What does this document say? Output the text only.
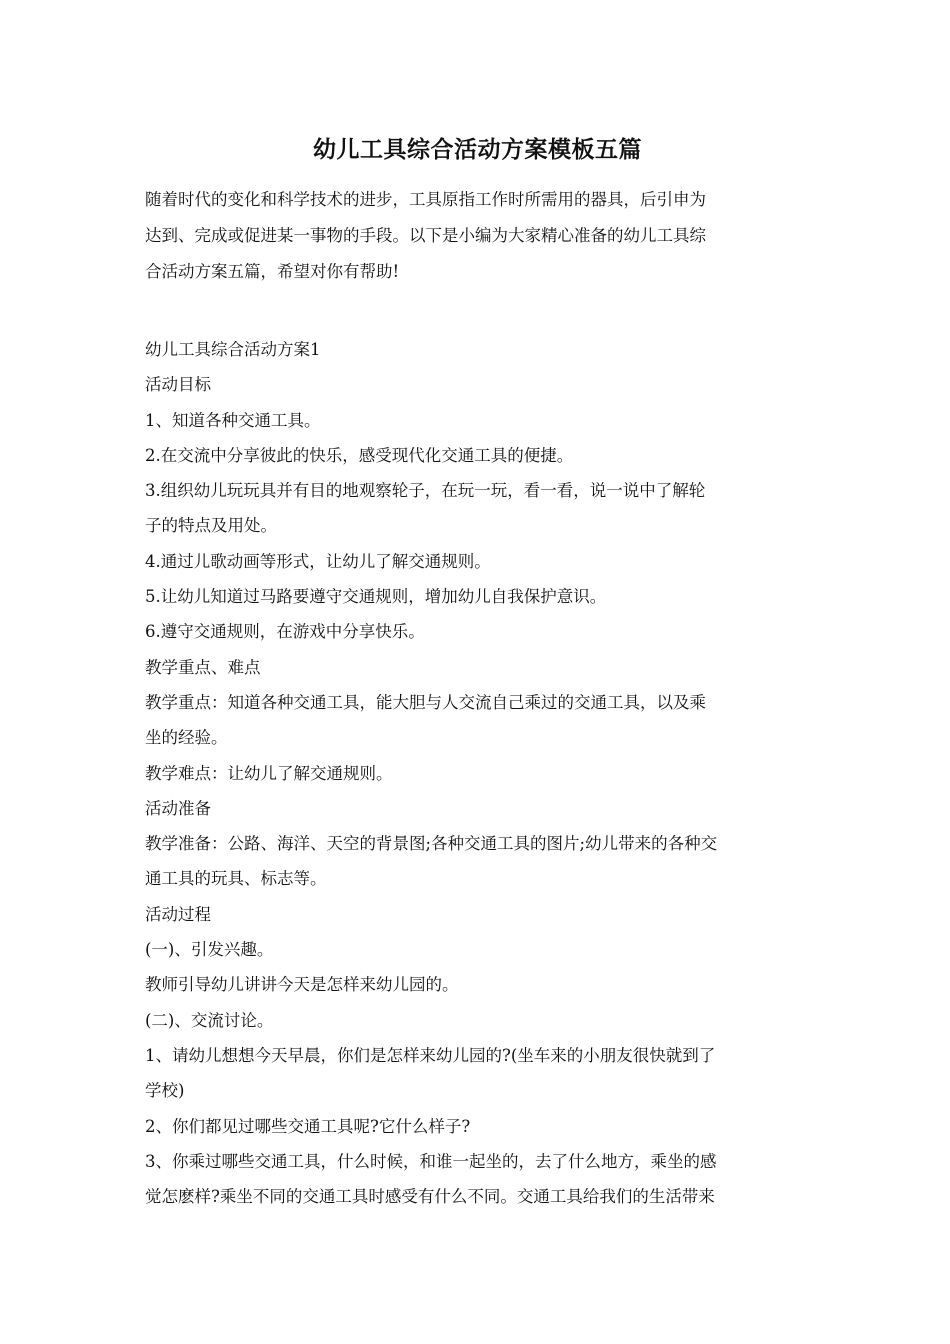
幼儿工具综合活动方案模板五篇

随着时代的变化和科学技术的进步，工具原指工作时所需用的器具，后引申为

达到、完成或促进某一事物的手段。以下是小编为大家精心准备的幼儿工具综

合活动方案五篇，希望对你有帮助!

幼儿工具综合活动方案1

活动目标

1、知道各种交通工具。

2.在交流中分享彼此的快乐，感受现代化交通工具的便捷。

3.组织幼儿玩玩具并有目的地观察轮子，在玩一玩，看一看，说一说中了解轮

子的特点及用处。

4.通过儿歌动画等形式，让幼儿了解交通规则。

5.让幼儿知道过马路要遵守交通规则，增加幼儿自我保护意识。

6.遵守交通规则，在游戏中分享快乐。

教学重点、难点

教学重点：知道各种交通工具，能大胆与人交流自己乘过的交通工具，以及乘

坐的经验。

教学难点：让幼儿了解交通规则。

活动准备

教学准备：公路、海洋、天空的背景图;各种交通工具的图片;幼儿带来的各种交

通工具的玩具、标志等。

活动过程

(一)、引发兴趣。

教师引导幼儿讲讲今天是怎样来幼儿园的。

(二)、交流讨论。

1、请幼儿想想今天早晨，你们是怎样来幼儿园的?(坐车来的小朋友很快就到了

学校)

2、你们都见过哪些交通工具呢?它什么样子?

3、你乘过哪些交通工具，什么时候，和谁一起坐的，去了什么地方，乘坐的感

觉怎麽样?乘坐不同的交通工具时感受有什么不同。交通工具给我们的生活带来
